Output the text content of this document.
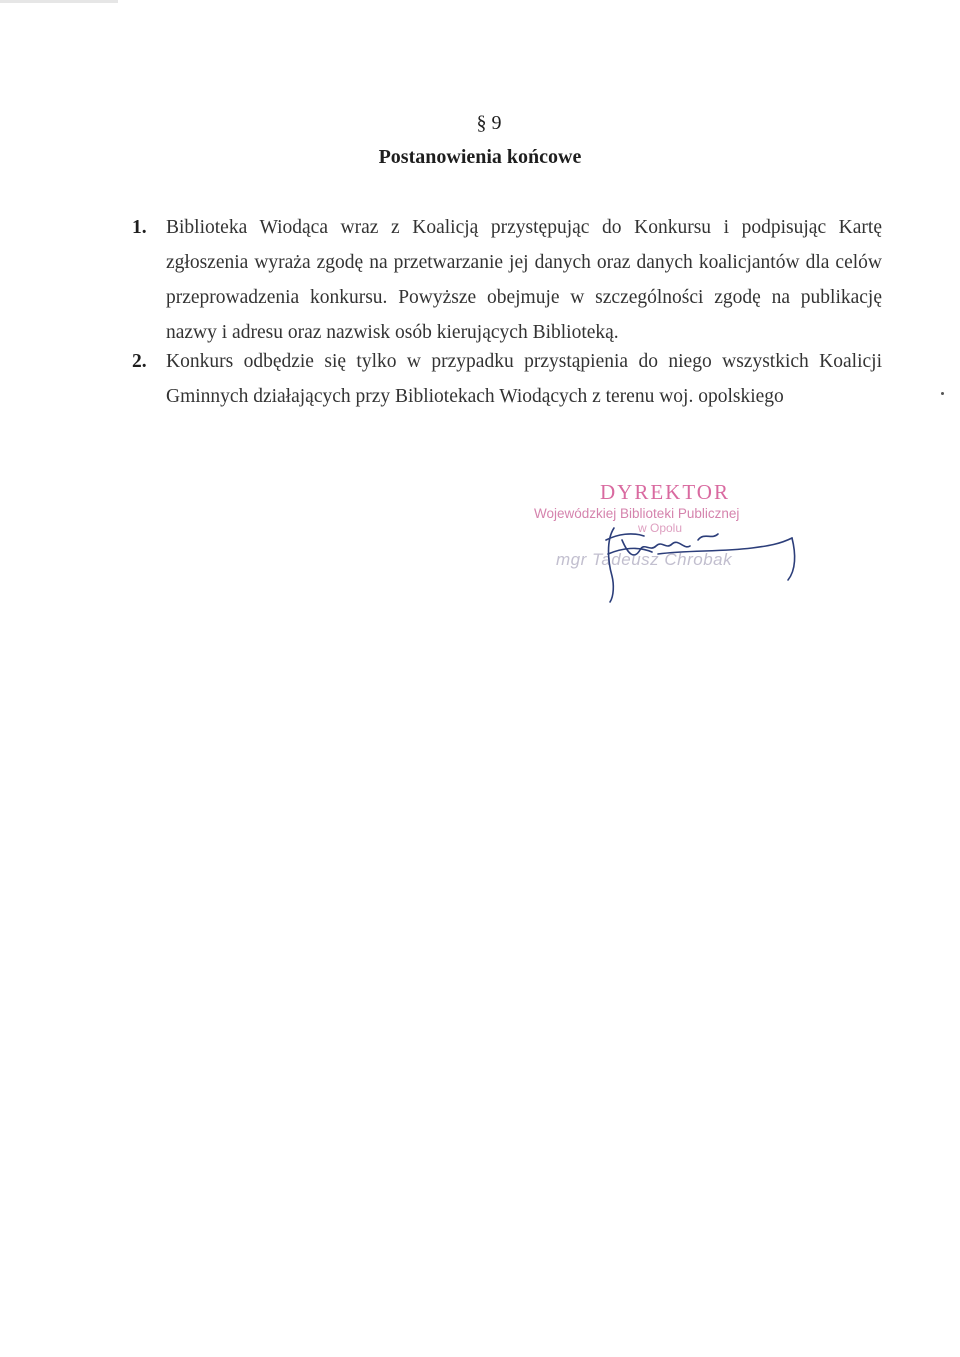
§ 9
Postanowienia końcowe
1. Biblioteka Wiodąca wraz z Koalicją przystępując do Konkursu i podpisując Kartę zgłoszenia wyraża zgodę na przetwarzanie jej danych oraz danych koalicjantów dla celów przeprowadzenia konkursu. Powyższe obejmuje w szczególności zgodę na publikację nazwy i adresu oraz nazwisk osób kierujących Biblioteką.
2. Konkurs odbędzie się tylko w przypadku przystąpienia do niego wszystkich Koalicji Gminnych działających przy Bibliotekach Wiodących z terenu woj. opolskiego
DYREKTOR
Wojewódzkiej Biblioteki Publicznej
w Opolu
mgr Tadeusz Chrobak
